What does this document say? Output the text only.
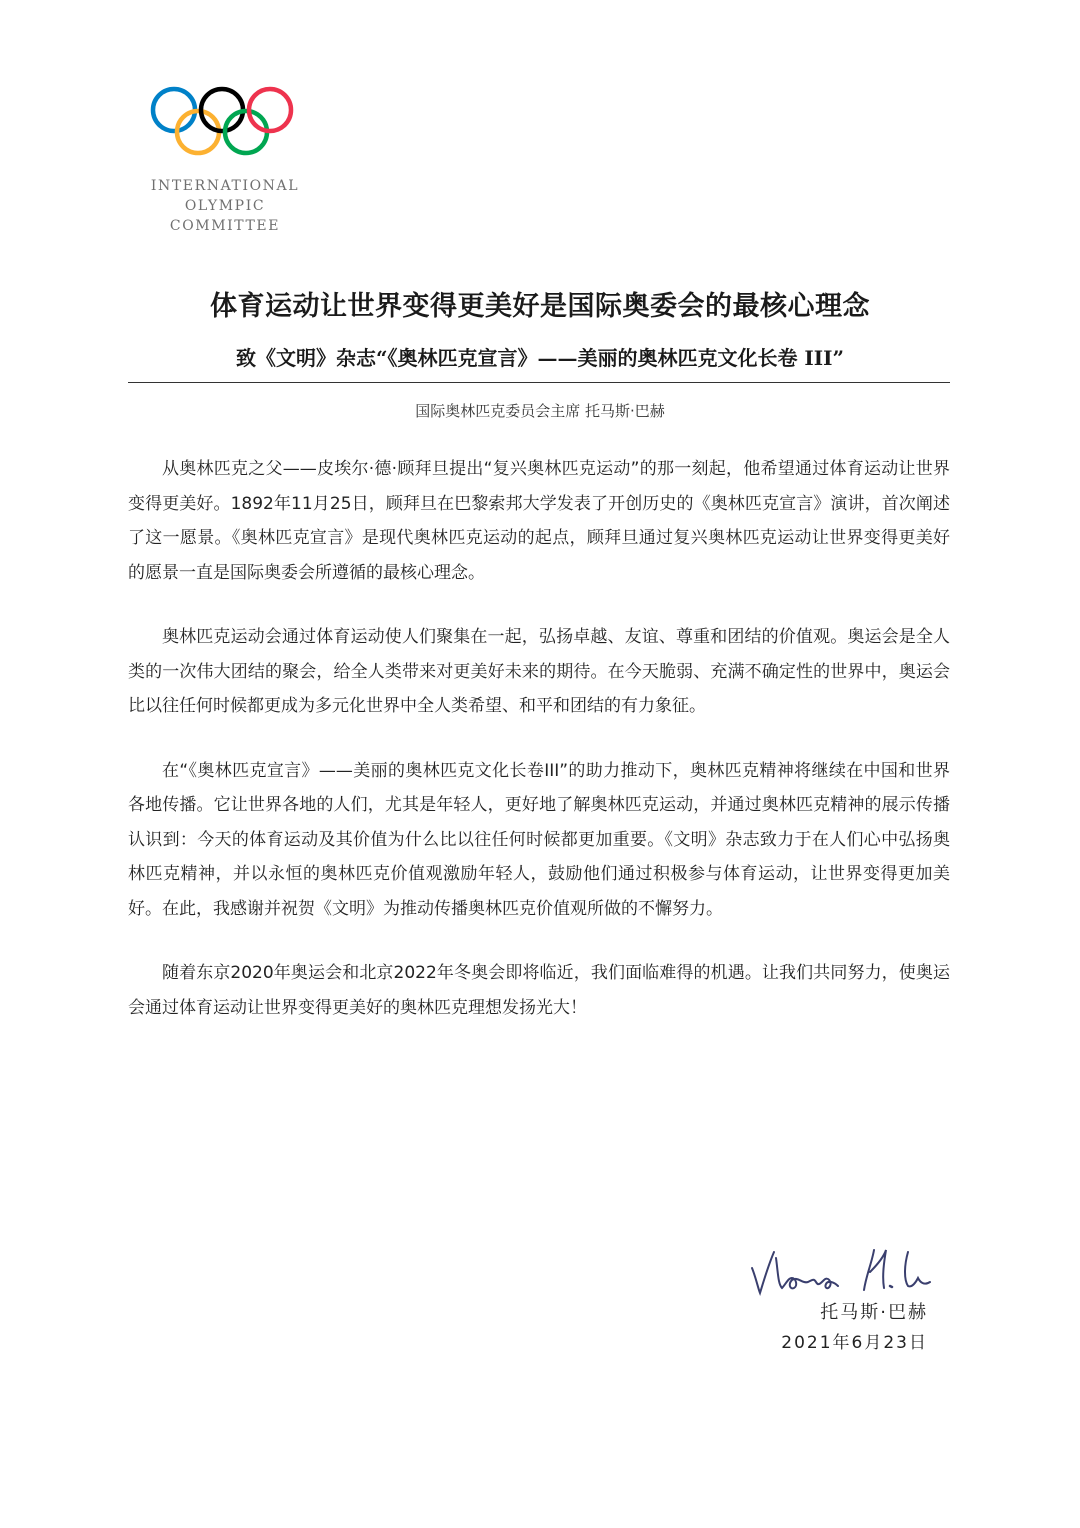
INTERNATIONAL
OLYMPIC
COMMITTEE
体育运动让世界变得更美好是国际奥委会的最核心理念
致《文明》杂志“《奥林匹克宣言》——美丽的奥林匹克文化长卷 III”
国际奥林匹克委员会主席 托马斯·巴赫

从奥林匹克之父——皮埃尔·德·顾拜旦提出“复兴奥林匹克运动”的那一刻起，他希望通过体育运动让世界变得更美好。1892年11月25日，顾拜旦在巴黎索邦大学发表了开创历史的《奥林匹克宣言》演讲，首次阐述了这一愿景。《奥林匹克宣言》是现代奥林匹克运动的起点，顾拜旦通过复兴奥林匹克运动让世界变得更美好的愿景一直是国际奥委会所遵循的最核心理念。

奥林匹克运动会通过体育运动使人们聚集在一起，弘扬卓越、友谊、尊重和团结的价值观。奥运会是全人类的一次伟大团结的聚会，给全人类带来对更美好未来的期待。在今天脆弱、充满不确定性的世界中，奥运会比以往任何时候都更成为多元化世界中全人类希望、和平和团结的有力象征。

在“《奥林匹克宣言》——美丽的奥林匹克文化长卷III”的助力推动下，奥林匹克精神将继续在中国和世界各地传播。它让世界各地的人们，尤其是年轻人，更好地了解奥林匹克运动，并通过奥林匹克精神的展示传播认识到：今天的体育运动及其价值为什么比以往任何时候都更加重要。《文明》杂志致力于在人们心中弘扬奥林匹克精神，并以永恒的奥林匹克价值观激励年轻人，鼓励他们通过积极参与体育运动，让世界变得更加美好。在此，我感谢并祝贺《文明》为推动传播奥林匹克价值观所做的不懈努力。

随着东京2020年奥运会和北京2022年冬奥会即将临近，我们面临难得的机遇。让我们共同努力，使奥运会通过体育运动让世界变得更美好的奥林匹克理想发扬光大！

托马斯·巴赫
2021年6月23日
